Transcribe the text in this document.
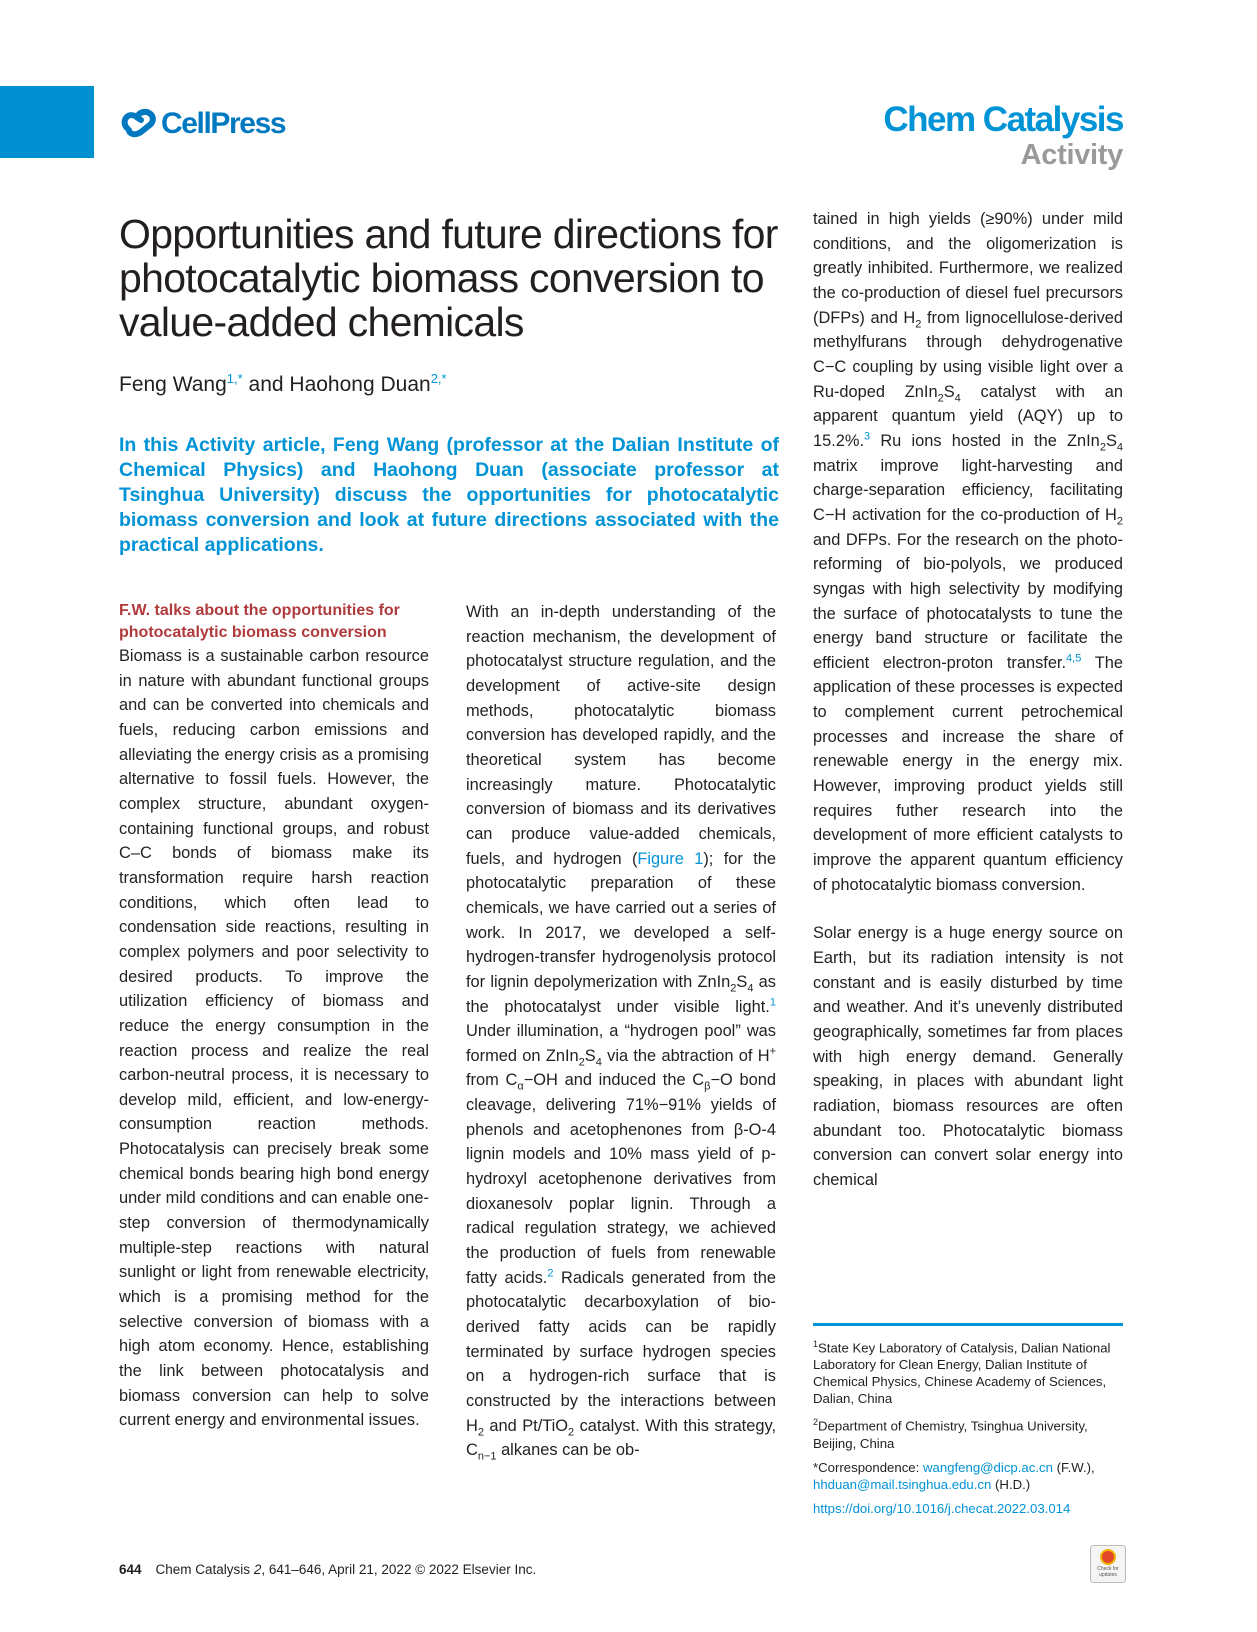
CellPress	Chem Catalysis
Activity
Opportunities and future directions for photocatalytic biomass conversion to value-added chemicals
Feng Wang$^{1,*}$ and Haohong Duan$^{2,*}$

In this Activity article, Feng Wang (professor at the Dalian Institute of Chemical Physics) and Haohong Duan (associate professor at Tsinghua University) discuss the opportunities for photocatalytic biomass conversion and look at future directions associated with the practical applications.

F.W. talks about the opportunities for photocatalytic biomass conversion

Biomass is a sustainable carbon resource in nature with abundant functional groups and can be converted into chemicals and fuels, reducing carbon emissions and alleviating the energy crisis as a promising alternative to fossil fuels. However, the complex structure, abundant oxygen-containing functional groups, and robust C–C bonds of biomass make its transformation require harsh reaction conditions, which often lead to condensation side reactions, resulting in complex polymers and poor selectivity to desired products. To improve the utilization efficiency of biomass and reduce the energy consumption in the reaction process and realize the real carbon-neutral process, it is necessary to develop mild, efficient, and low-energy-consumption reaction methods. Photocatalysis can precisely break some chemical bonds bearing high bond energy under mild conditions and can enable one-step conversion of thermodynamically multiple-step reactions with natural sunlight or light from renewable electricity, which is a promising method for the selective conversion of biomass with a high atom economy. Hence, establishing the link between photocatalysis and biomass conversion can help to solve current energy and environmental issues.

With an in-depth understanding of the reaction mechanism, the development of photocatalyst structure regulation, and the development of active-site design methods, photocatalytic biomass conversion has developed rapidly, and the theoretical system has become increasingly mature. Photocatalytic conversion of biomass and its derivatives can produce value-added chemicals, fuels, and hydrogen (Figure 1); for the photocatalytic preparation of these chemicals, we have carried out a series of work. In 2017, we developed a self-hydrogen-transfer hydrogenolysis protocol for lignin depolymerization with $ZnIn_2S_4$ as the photocatalyst under visible light.$^1$ Under illumination, a “hydrogen pool” was formed on $ZnIn_2S_4$ via the abtraction of H+ from $C_\alpha-OH$ and induced the $C_\beta-O$ bond cleavage, delivering 71%−91% yields of phenols and acetophenones from β-O-4 lignin models and 10% mass yield of p-hydroxyl acetophenone derivatives from dioxanesolv poplar lignin. Through a radical regulation strategy, we achieved the production of fuels from renewable fatty acids.$^2$ Radicals generated from the photocatalytic decarboxylation of bio-derived fatty acids can be rapidly terminated by surface hydrogen species on a hydrogen-rich surface that is constructed by the interactions between $H_2$ and Pt/TiO$_2$ catalyst. With this strategy, $C_{n-1}$ alkanes can be ob-

tained in high yields (≥90%) under mild conditions, and the oligomerization is greatly inhibited. Furthermore, we realized the co-production of diesel fuel precursors (DFPs) and $H_2$ from lignocellulose-derived methylfurans through dehydrogenative C−C coupling by using visible light over a Ru-doped $ZnIn_2S_4$ catalyst with an apparent quantum yield (AQY) up to 15.2%.$^3$ Ru ions hosted in the $ZnIn_2S_4$ matrix improve light-harvesting and charge-separation efficiency, facilitating C−H activation for the co-production of $H_2$ and DFPs. For the research on the photo-reforming of bio-polyols, we produced syngas with high selectivity by modifying the surface of photocatalysts to tune the energy band structure or facilitate the efficient electron-proton transfer.$^{4,5}$ The application of these processes is expected to complement current petrochemical processes and increase the share of renewable energy in the energy mix. However, improving product yields still requires futher research into the development of more efficient catalysts to improve the apparent quantum efficiency of photocatalytic biomass conversion.

Solar energy is a huge energy source on Earth, but its radiation intensity is not constant and is easily disturbed by time and weather. And it’s unevenly distributed geographically, sometimes far from places with high energy demand. Generally speaking, in places with abundant light radiation, biomass resources are often abundant too. Photocatalytic biomass conversion can convert solar energy into chemical

$^1$State Key Laboratory of Catalysis, Dalian National Laboratory for Clean Energy, Dalian Institute of Chemical Physics, Chinese Academy of Sciences, Dalian, China

$^2$Department of Chemistry, Tsinghua University, Beijing, China

*Correspondence: wangfeng@dicp.ac.cn (F.W.),
hhduan@mail.tsinghua.edu.cn (H.D.)

https://doi.org/10.1016/j.checat.2022.03.014

644 Chem Catalysis 2, 641–646, April 21, 2022 © 2022 Elsevier Inc.	Check for updates
